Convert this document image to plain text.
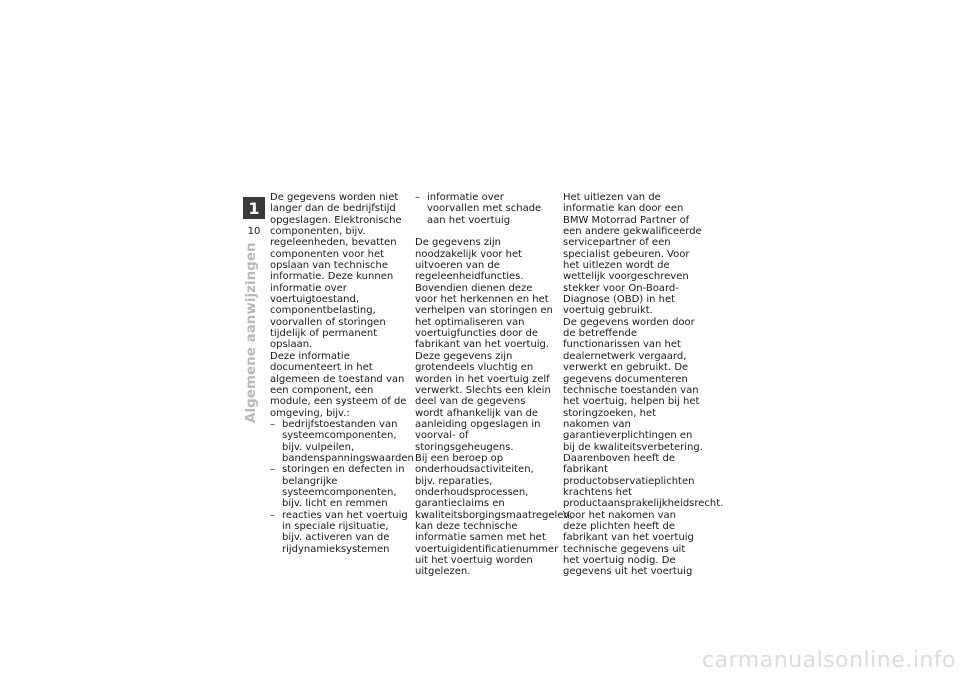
1
10
Algemene aanwijzingen

De gegevens worden niet langer dan de bedrijfstijd opgeslagen. Elektronische componenten, bijv. regeleenheden, bevatten componenten voor het opslaan van technische informatie. Deze kunnen informatie over voertuigtoestand, componentbelasting, voorvallen of storingen tijdelijk of permanent opslaan.

Deze informatie documenteert in het algemeen de toestand van een component, een module, een systeem of de omgeving, bijv.:

– bedrijfstoestanden van systeemcomponenten, bijv. vulpeilen, bandenspanningswaarden

– storingen en defecten in belangrijke systeemcomponenten, bijv. licht en remmen

– reacties van het voertuig in speciale rijsituatie, bijv. activeren van de rijdynamieksystemen

– informatie over voorvallen met schade aan het voertuig

De gegevens zijn noodzakelijk voor het uitvoeren van de regeleenheidfuncties. Bovendien dienen deze voor het herkennen en het verhelpen van storingen en het optimaliseren van voertuigfuncties door de fabrikant van het voertuig.

Deze gegevens zijn grotendeels vluchtig en worden in het voertuig zelf verwerkt. Slechts een klein deel van de gegevens wordt afhankelijk van de aanleiding opgeslagen in voorval- of storingsgeheugens.

Bij een beroep op onderhoudsactiviteiten, bijv. reparaties, onderhoudsprocessen, garantieclaims en kwaliteitsborgingsmaatregelen, kan deze technische informatie samen met het voertuigidentificatienummer uit het voertuig worden uitgelezen.

Het uitlezen van de informatie kan door een BMW Motorrad Partner of een andere gekwalificeerde servicepartner of een specialist gebeuren. Voor het uitlezen wordt de wettelijk voorgeschreven stekker voor On-Board-Diagnose (OBD) in het voertuig gebruikt.

De gegevens worden door de betreffende functionarissen van het dealernetwerk vergaard, verwerkt en gebruikt. De gegevens documenteren technische toestanden van het voertuig, helpen bij het storingzoeken, het nakomen van garantieverplichtingen en bij de kwaliteitsverbetering.

Daarenboven heeft de fabrikant productobservatieplichten krachtens het productaansprakelijkheidsrecht. Voor het nakomen van deze plichten heeft de fabrikant van het voertuig technische gegevens uit het voertuig nodig. De gegevens uit het voertuig

carmanualsonline.info
